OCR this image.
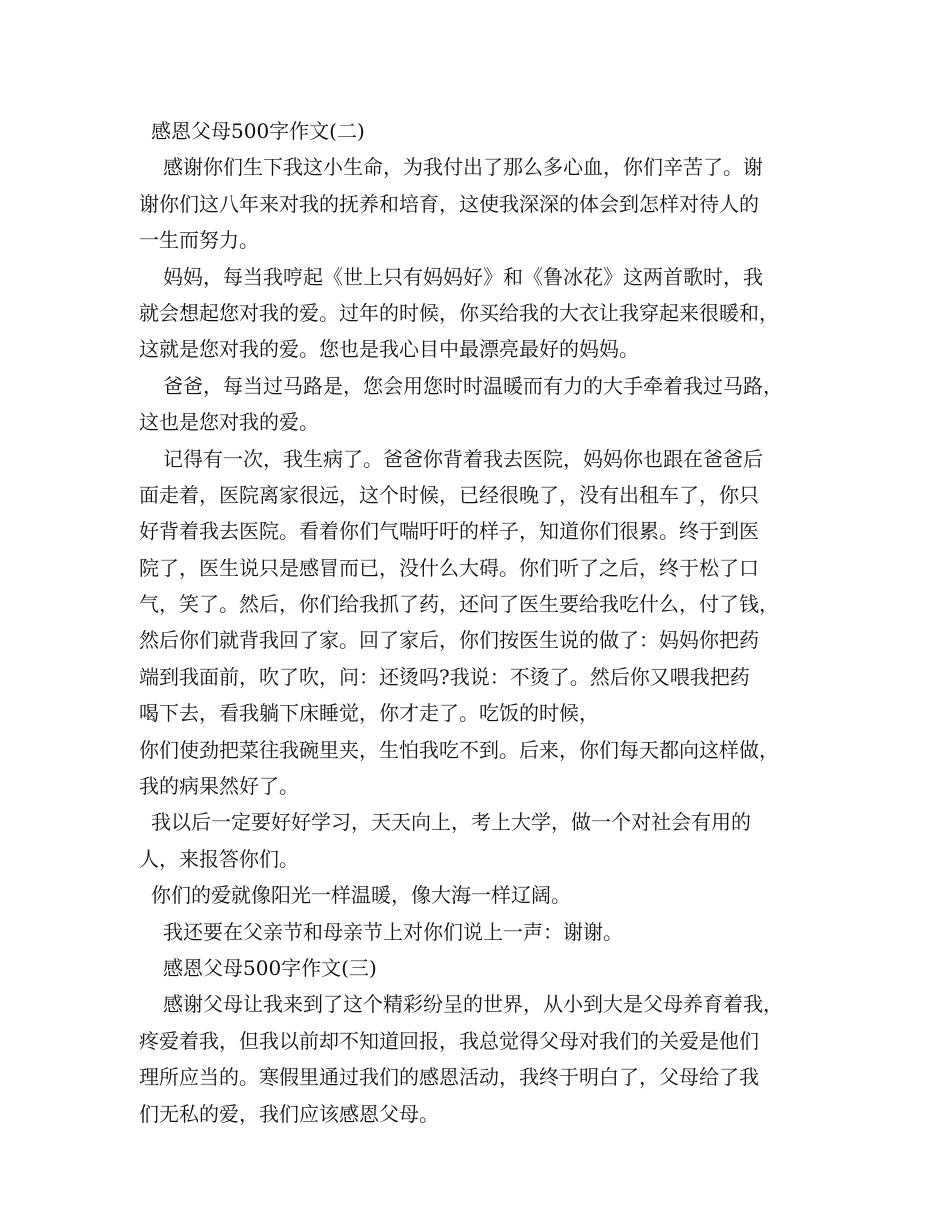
感恩父母500字作文(二)
感谢你们生下我这小生命，为我付出了那么多心血，你们辛苦了。谢
谢你们这八年来对我的抚养和培育，这使我深深的体会到怎样对待人的
一生而努力。
妈妈，每当我哼起《世上只有妈妈好》和《鲁冰花》这两首歌时，我
就会想起您对我的爱。过年的时候，你买给我的大衣让我穿起来很暖和，
这就是您对我的爱。您也是我心目中最漂亮最好的妈妈。
爸爸，每当过马路是，您会用您时时温暖而有力的大手牵着我过马路，
这也是您对我的爱。
记得有一次，我生病了。爸爸你背着我去医院，妈妈你也跟在爸爸后
面走着，医院离家很远，这个时候，已经很晚了，没有出租车了，你只
好背着我去医院。看着你们气喘吁吁的样子，知道你们很累。终于到医
院了，医生说只是感冒而已，没什么大碍。你们听了之后，终于松了口
气，笑了。然后，你们给我抓了药，还问了医生要给我吃什么，付了钱，
然后你们就背我回了家。回了家后，你们按医生说的做了：妈妈你把药
端到我面前，吹了吹，问：还烫吗?我说：不烫了。然后你又喂我把药
喝下去，看我躺下床睡觉，你才走了。吃饭的时候，
你们使劲把菜往我碗里夹，生怕我吃不到。后来，你们每天都向这样做，
我的病果然好了。
我以后一定要好好学习，天天向上，考上大学，做一个对社会有用的
人，来报答你们。
你们的爱就像阳光一样温暖，像大海一样辽阔。
我还要在父亲节和母亲节上对你们说上一声：谢谢。
感恩父母500字作文(三)
感谢父母让我来到了这个精彩纷呈的世界，从小到大是父母养育着我，
疼爱着我，但我以前却不知道回报，我总觉得父母对我们的关爱是他们
理所应当的。寒假里通过我们的感恩活动，我终于明白了，父母给了我
们无私的爱，我们应该感恩父母。
